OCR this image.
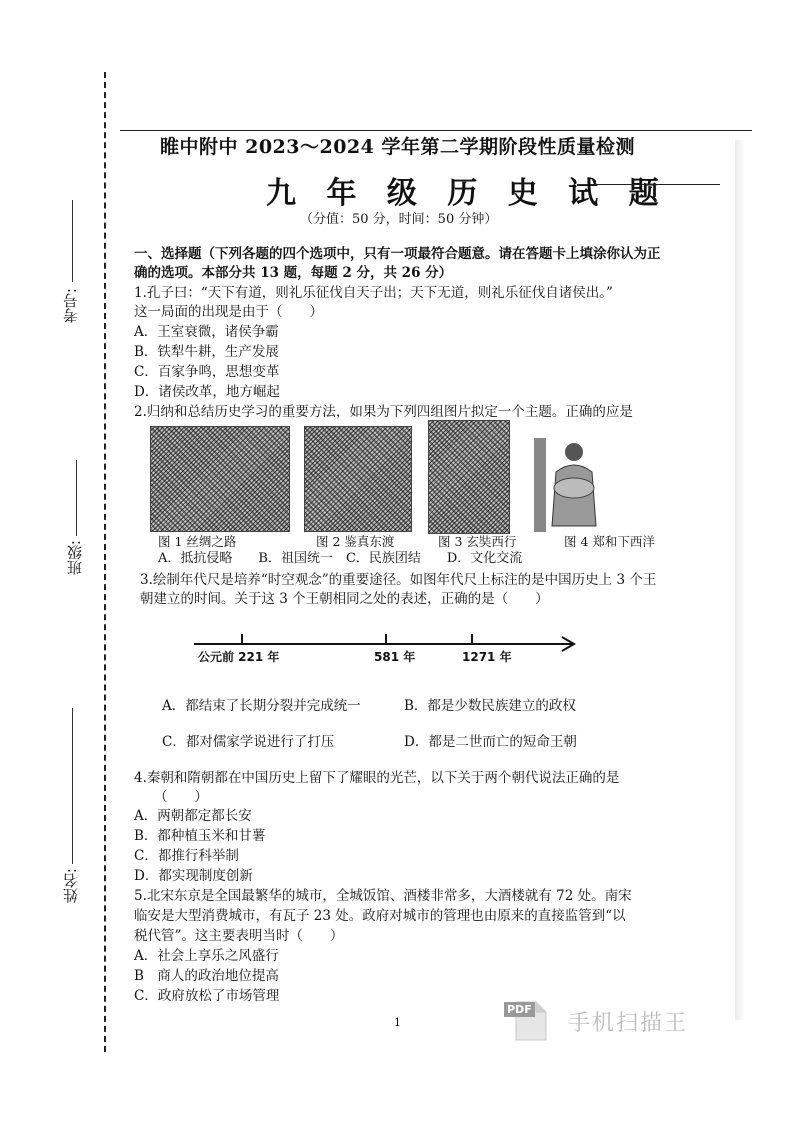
考号:
班级:
姓名:
睢中附中 2023～2024 学年第二学期阶段性质量检测
九 年 级 历 史 试 题
（分值：50 分，时间：50 分钟）
一、选择题（下列各题的四个选项中，只有一项最符合题意。请在答题卡上填涂你认为正
确的选项。本部分共 13 题，每题 2 分，共 26 分）
1.孔子曰：“天下有道，则礼乐征伐自天子出；天下无道，则礼乐征伐自诸侯出。”
这一局面的出现是由于（　　）
A．王室衰微，诸侯争霸
B．铁犁牛耕，生产发展
C．百家争鸣，思想变革
D．诸侯改革，地方崛起
2.归纳和总结历史学习的重要方法，如果为下列四组图片拟定一个主题。正确的应是
图 1 丝绸之路	图 2 鉴真东渡	图 3 玄奘西行	图 4 郑和下西洋
A．抵抗侵略　　B．祖国统一　C．民族团结　　D．文化交流
3.绘制年代尺是培养“时空观念”的重要途径。如图年代尺上标注的是中国历史上 3 个王
朝建立的时间。关于这 3 个王朝相同之处的表述，正确的是（　　）
公元前 221 年	581 年	1271 年
A．都结束了长期分裂并完成统一	B．都是少数民族建立的政权
C．都对儒家学说进行了打压	D．都是二世而亡的短命王朝
4.秦朝和隋朝都在中国历史上留下了耀眼的光芒，以下关于两个朝代说法正确的是
（　　）
A．两朝都定都长安
B．都种植玉米和甘薯
C．都推行科举制
D．都实现制度创新
5.北宋东京是全国最繁华的城市，全城饭馆、酒楼非常多，大酒楼就有 72 处。南宋
临安是大型消费城市，有瓦子 23 处。政府对城市的管理也由原来的直接监管到“以
税代管”。这主要表明当时（　　）
A．社会上享乐之风盛行
B　商人的政治地位提高
C．政府放松了市场管理
1
PDF
手机扫描王
